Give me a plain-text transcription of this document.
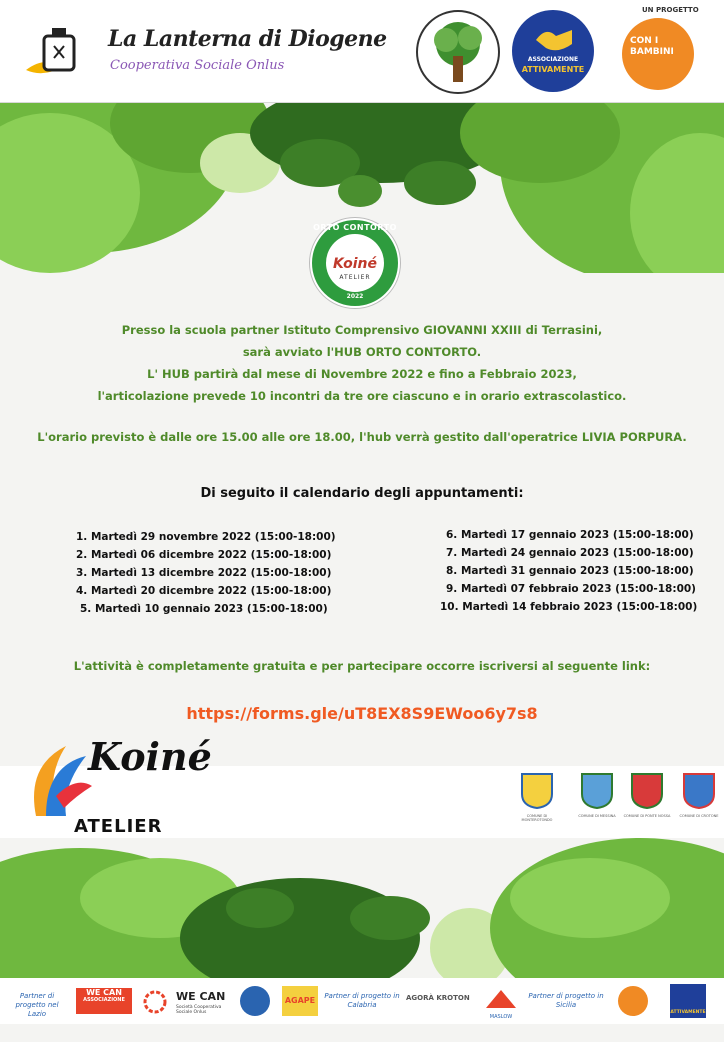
La Lanterna di Diogene
Cooperativa Sociale Onlus	ASSOCIAZIONE
ATTIVAMENTE
UN PROGETTO
CON I BAMBINI
ORTO CONTORTO
Koiné
ATELIER
2022
Presso la scuola partner Istituto Comprensivo GIOVANNI XXIII di Terrasini,
sarà avviato l'HUB ORTO CONTORTO.
L' HUB partirà dal mese di Novembre 2022 e fino a Febbraio 2023,
l'articolazione prevede 10 incontri da tre ore ciascuno e in orario extrascolastico.
L'orario previsto è dalle ore 15.00 alle ore 18.00, l'hub verrà gestito dall'operatrice LIVIA PORPURA.
Di seguito il calendario degli appuntamenti:
1. Martedì 29 novembre 2022 (15:00-18:00)
2. Martedì 06 dicembre 2022 (15:00-18:00)
3. Martedì 13 dicembre 2022 (15:00-18:00)
4. Martedì 20 dicembre 2022 (15:00-18:00)
5. Martedì 10 gennaio 2023 (15:00-18:00)
6. Martedì 17 gennaio 2023 (15:00-18:00)
7. Martedì 24 gennaio 2023 (15:00-18:00)
8. Martedì 31 gennaio 2023 (15:00-18:00)
9. Martedì 07 febbraio 2023 (15:00-18:00)
10. Martedì 14 febbraio 2023 (15:00-18:00)
L'attività è completamente gratuita e per partecipare occorre iscriversi al seguente link:
https://forms.gle/uT8EX8S9EWoo6y7s8
Koiné
ATELIER	COMUNE DI MONTEROTONDO
COMUNE DI MESSINA	COMUNE DI PONTE NOSSA	COMUNE DI CROTONE
Partner di progetto nel Lazio
WE CAN
ASSOCIAZIONE	WE CAN
Società Cooperativa Sociale Onlus
AGAPE	Partner di progetto in Calabria
AGORÀ KROTON
MASLOW
Partner di progetto in Sicilia
ATTIVAMENTE
